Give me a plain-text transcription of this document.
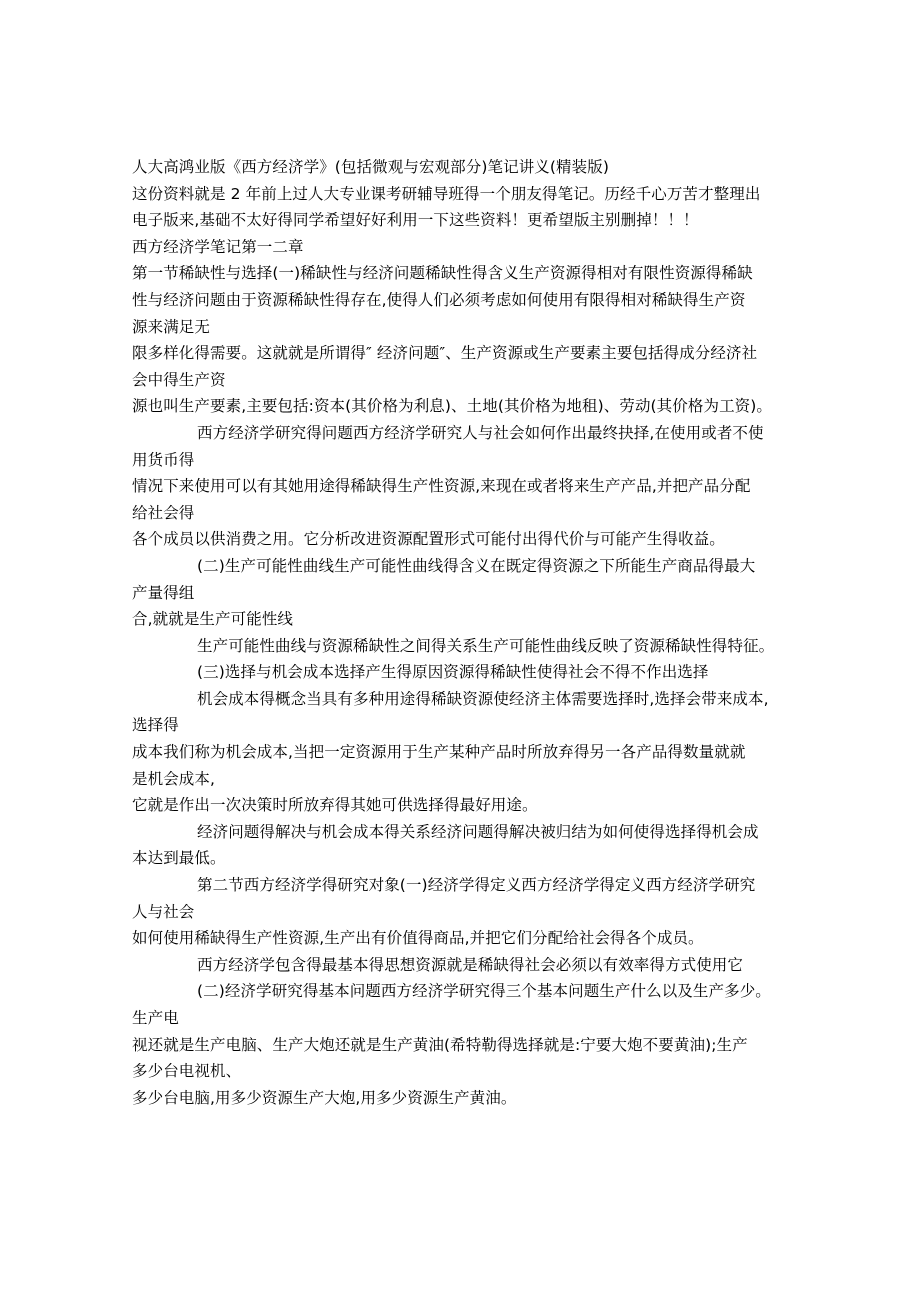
人大高鸿业版《西方经济学》(包括微观与宏观部分)笔记讲义(精装版)
这份资料就是 2 年前上过人大专业课考研辅导班得一个朋友得笔记。历经千心万苦才整理出
电子版来,基础不太好得同学希望好好利用一下这些资料！更希望版主别删掉！！！
西方经济学笔记第一二章
第一节稀缺性与选择(一)稀缺性与经济问题稀缺性得含义生产资源得相对有限性资源得稀缺
性与经济问题由于资源稀缺性得存在,使得人们必须考虑如何使用有限得相对稀缺得生产资
源来满足无
限多样化得需要。这就就是所谓得″ 经济问题″、生产资源或生产要素主要包括得成分经济社
会中得生产资
源也叫生产要素,主要包括:资本(其价格为利息)、土地(其价格为地租)、劳动(其价格为工资)。
西方经济学研究得问题西方经济学研究人与社会如何作出最终抉择,在使用或者不使
用货币得
情况下来使用可以有其她用途得稀缺得生产性资源,来现在或者将来生产产品,并把产品分配
给社会得
各个成员以供消费之用。它分析改进资源配置形式可能付出得代价与可能产生得收益。
(二)生产可能性曲线生产可能性曲线得含义在既定得资源之下所能生产商品得最大
产量得组
合,就就是生产可能性线
生产可能性曲线与资源稀缺性之间得关系生产可能性曲线反映了资源稀缺性得特征。
(三)选择与机会成本选择产生得原因资源得稀缺性使得社会不得不作出选择
机会成本得概念当具有多种用途得稀缺资源使经济主体需要选择时,选择会带来成本,
选择得
成本我们称为机会成本,当把一定资源用于生产某种产品时所放弃得另一各产品得数量就就
是机会成本,
它就是作出一次决策时所放弃得其她可供选择得最好用途。
经济问题得解决与机会成本得关系经济问题得解决被归结为如何使得选择得机会成
本达到最低。
第二节西方经济学得研究对象(一)经济学得定义西方经济学得定义西方经济学研究
人与社会
如何使用稀缺得生产性资源,生产出有价值得商品,并把它们分配给社会得各个成员。
西方经济学包含得最基本得思想资源就是稀缺得社会必须以有效率得方式使用它
(二)经济学研究得基本问题西方经济学研究得三个基本问题生产什么以及生产多少。
生产电
视还就是生产电脑、生产大炮还就是生产黄油(希特勒得选择就是:宁要大炮不要黄油);生产
多少台电视机、
多少台电脑,用多少资源生产大炮,用多少资源生产黄油。
